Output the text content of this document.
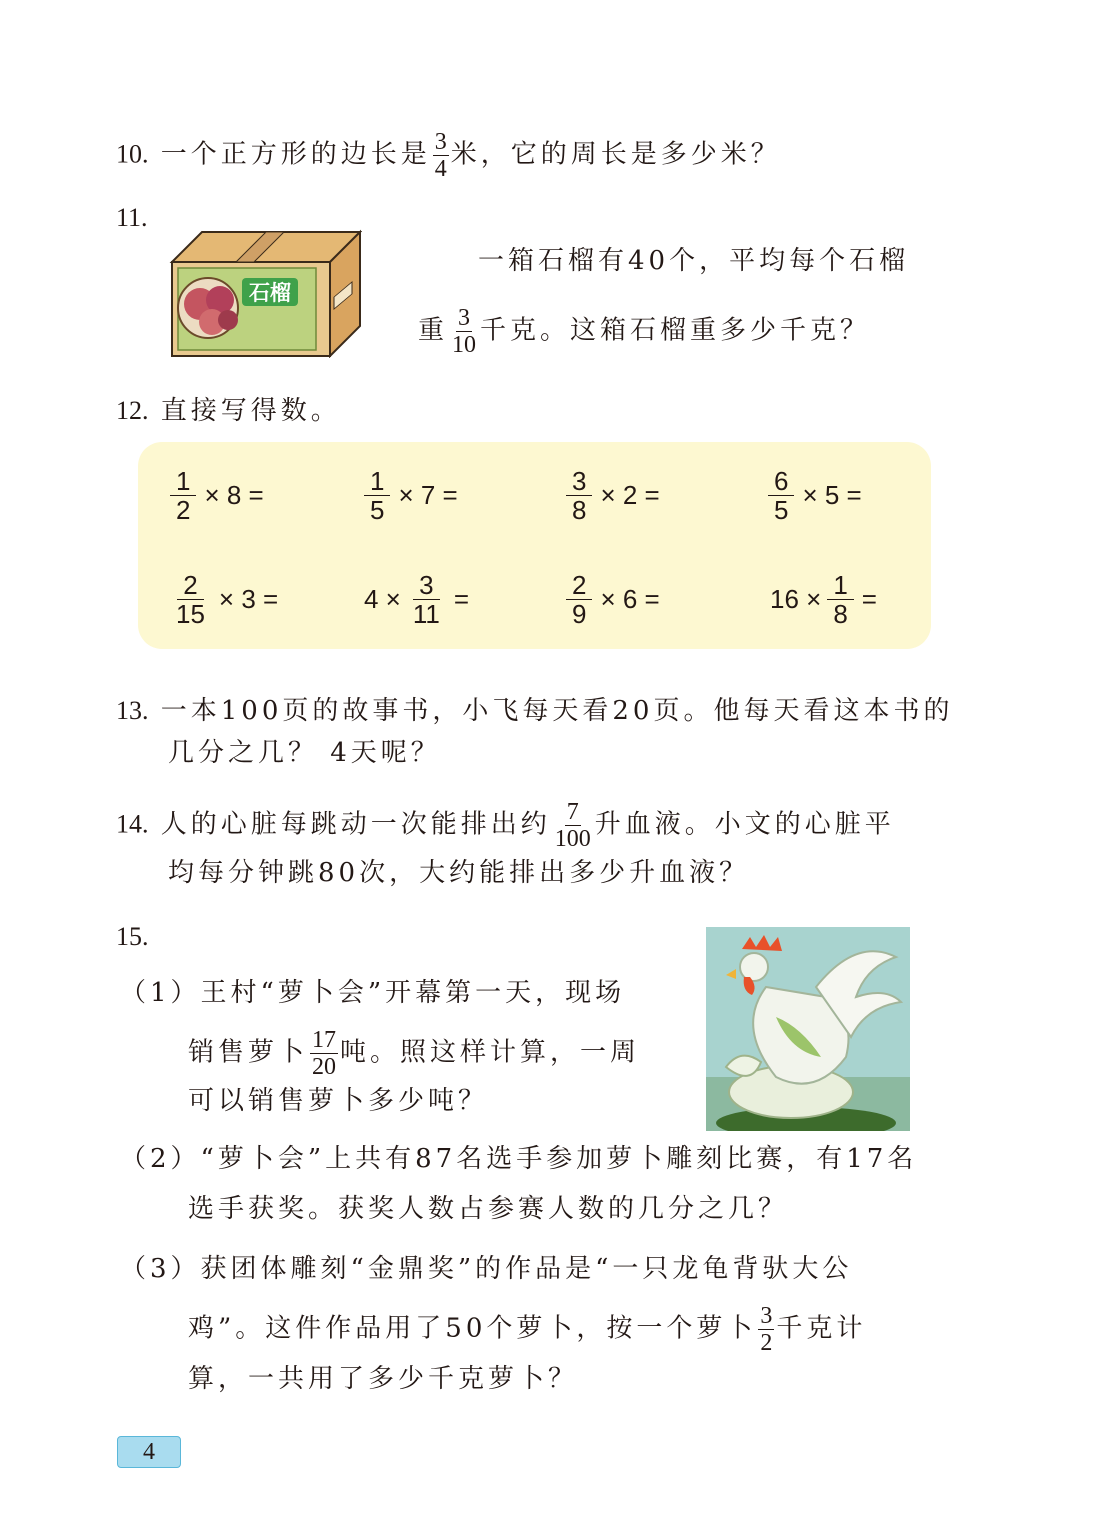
10. 一个正方形的边长是 $\frac{3}{4}$ 米，它的周长是多少米？
11.
石榴
一箱石榴有40个，平均每个石榴
重 $\frac{3}{10}$ 千克。这箱石榴重多少千克？
12. 直接写得数。
$\frac{1}{2} \times 8$ =	$\frac{1}{5} \times 7$ =	$\frac{3}{8} \times 2$ =	$\frac{6}{5} \times 5$ =
$\frac{2}{15} \times 3$ =	$4 \times \frac{3}{11}$ =	$\frac{2}{9} \times 6$ =	$16 \times \frac{1}{8}$ =
13. 一本100页的故事书，小飞每天看20页。他每天看这本书的
几分之几？ 4天呢？
14. 人的心脏每跳动一次能排出约 $\frac{7}{100}$ 升血液。小文的心脏平
均每分钟跳80次，大约能排出多少升血液？
15.
（1）王村“萝卜会”开幕第一天，现场
销售萝卜 $\frac{17}{20}$ 吨。照这样计算，一周
可以销售萝卜多少吨？
（2）“萝卜会”上共有87名选手参加萝卜雕刻比赛，有17名
选手获奖。获奖人数占参赛人数的几分之几？
（3）获团体雕刻“金鼎奖”的作品是“一只龙龟背驮大公
鸡”。这件作品用了50个萝卜，按一个萝卜 $\frac{3}{2}$ 千克计
算，一共用了多少千克萝卜？
4
